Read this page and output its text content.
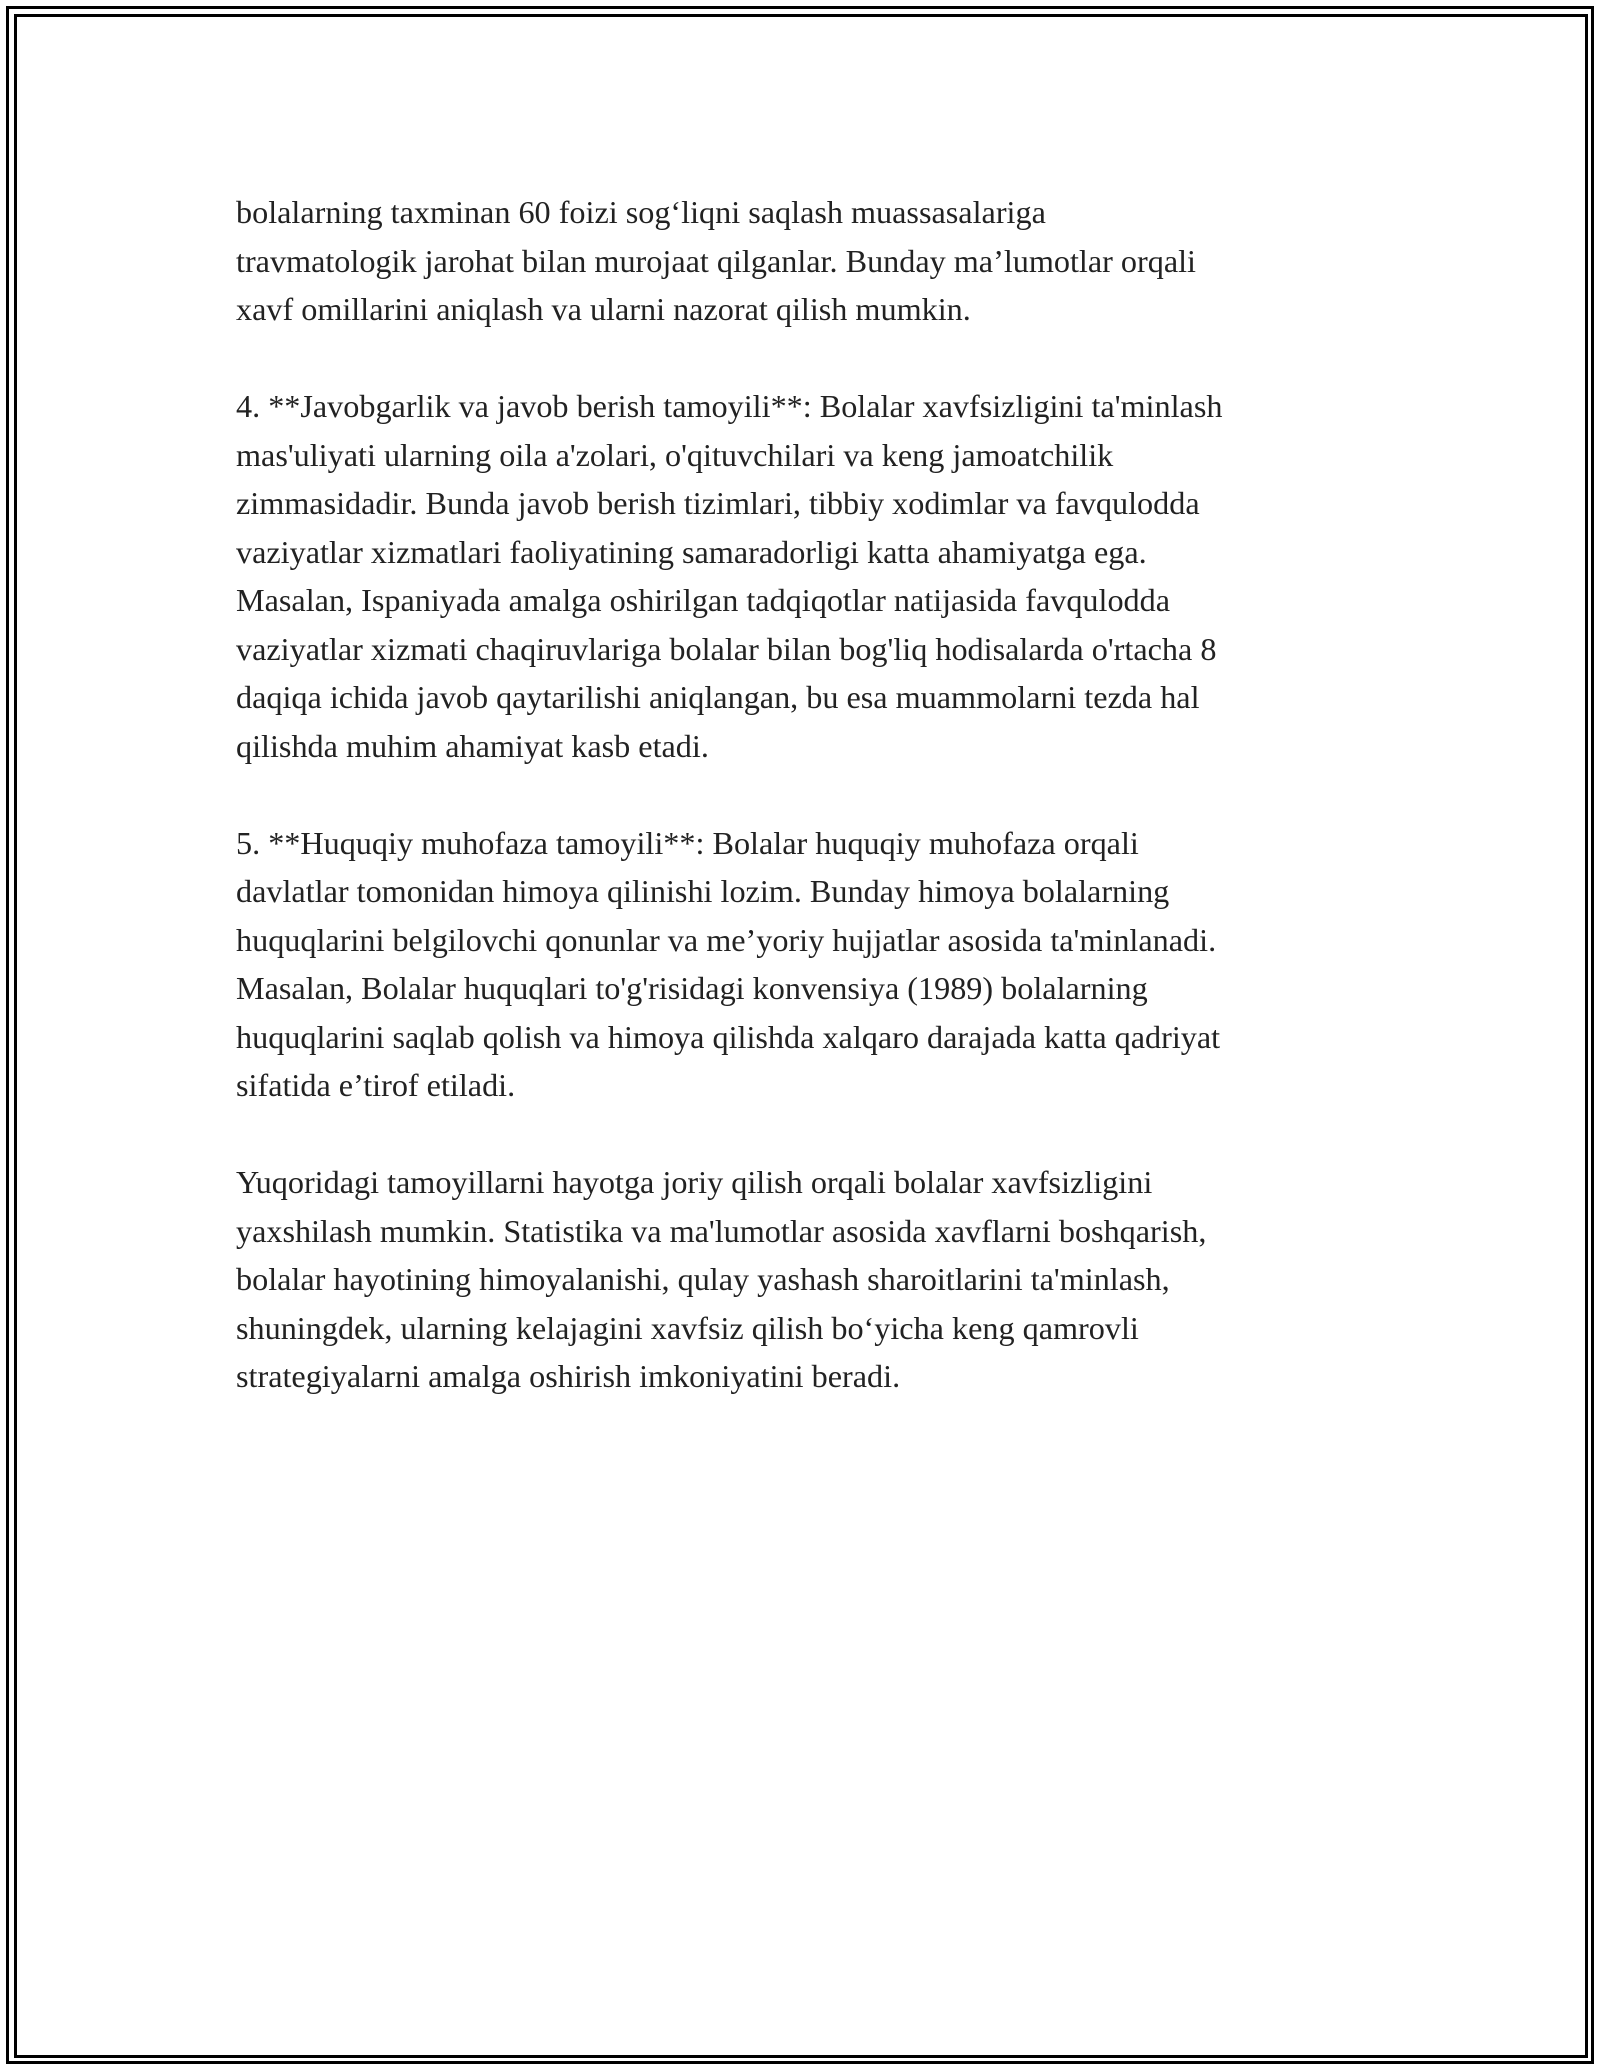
bolalarning taxminan 60 foizi sog‘liqni saqlash muassasalariga
travmatologik jarohat bilan murojaat qilganlar. Bunday ma’lumotlar orqali
xavf omillarini aniqlash va ularni nazorat qilish mumkin.

4. **Javobgarlik va javob berish tamoyili**: Bolalar xavfsizligini ta'minlash
mas'uliyati ularning oila a'zolari, o'qituvchilari va keng jamoatchilik
zimmasidadir. Bunda javob berish tizimlari, tibbiy xodimlar va favqulodda
vaziyatlar xizmatlari faoliyatining samaradorligi katta ahamiyatga ega.
Masalan, Ispaniyada amalga oshirilgan tadqiqotlar natijasida favqulodda
vaziyatlar xizmati chaqiruvlariga bolalar bilan bog'liq hodisalarda o'rtacha 8
daqiqa ichida javob qaytarilishi aniqlangan, bu esa muammolarni tezda hal
qilishda muhim ahamiyat kasb etadi.

5. **Huquqiy muhofaza tamoyili**: Bolalar huquqiy muhofaza orqali
davlatlar tomonidan himoya qilinishi lozim. Bunday himoya bolalarning
huquqlarini belgilovchi qonunlar va me’yoriy hujjatlar asosida ta'minlanadi.
Masalan, Bolalar huquqlari to'g'risidagi konvensiya (1989) bolalarning
huquqlarini saqlab qolish va himoya qilishda xalqaro darajada katta qadriyat
sifatida e’tirof etiladi.

Yuqoridagi tamoyillarni hayotga joriy qilish orqali bolalar xavfsizligini
yaxshilash mumkin. Statistika va ma'lumotlar asosida xavflarni boshqarish,
bolalar hayotining himoyalanishi, qulay yashash sharoitlarini ta'minlash,
shuningdek, ularning kelajagini xavfsiz qilish bo‘yicha keng qamrovli
strategiyalarni amalga oshirish imkoniyatini beradi.
